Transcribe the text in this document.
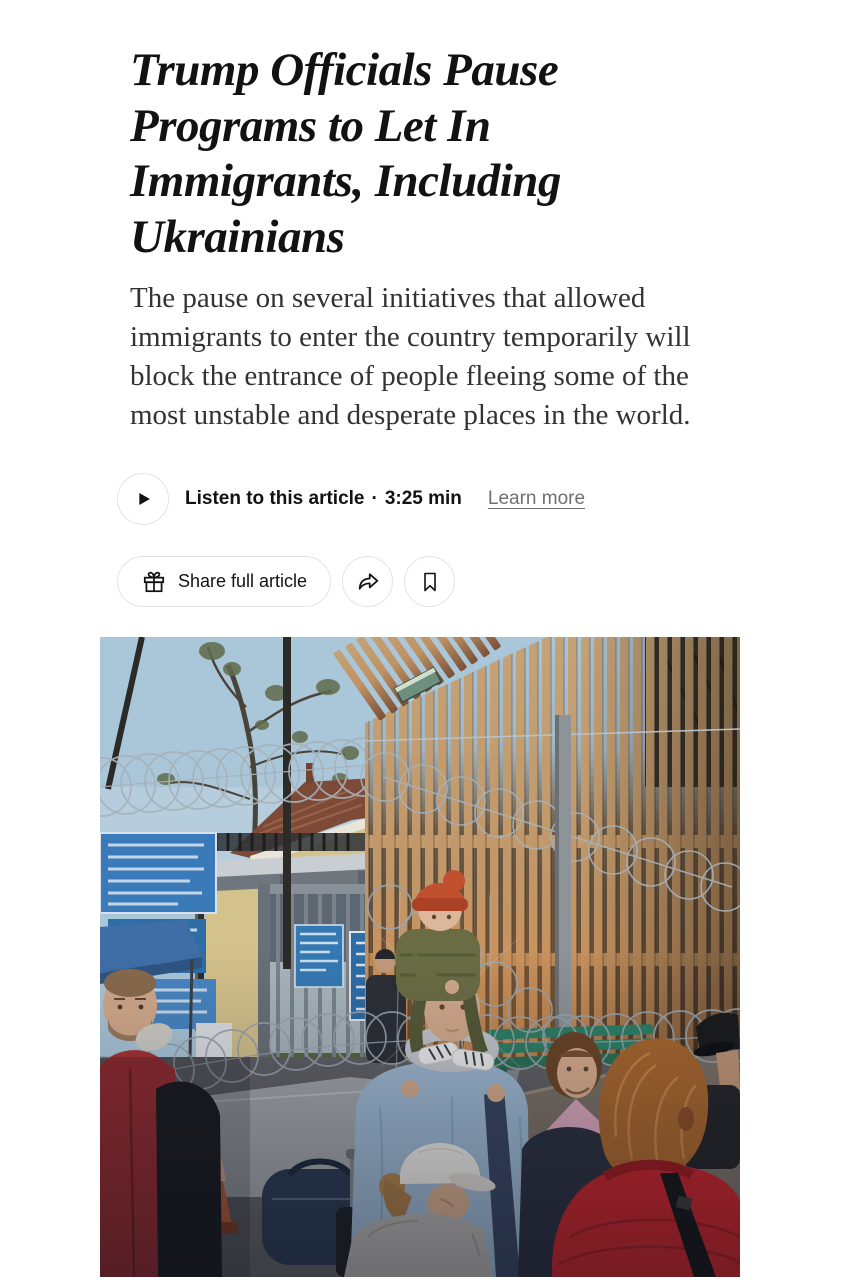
Trump Officials Pause Programs to Let In Immigrants, Including Ukrainians

The pause on several initiatives that allowed immigrants to enter the country temporarily will block the entrance of people fleeing some of the most unstable and desperate places in the world.

Listen to this article · 3:25 min Learn more
Share full article
